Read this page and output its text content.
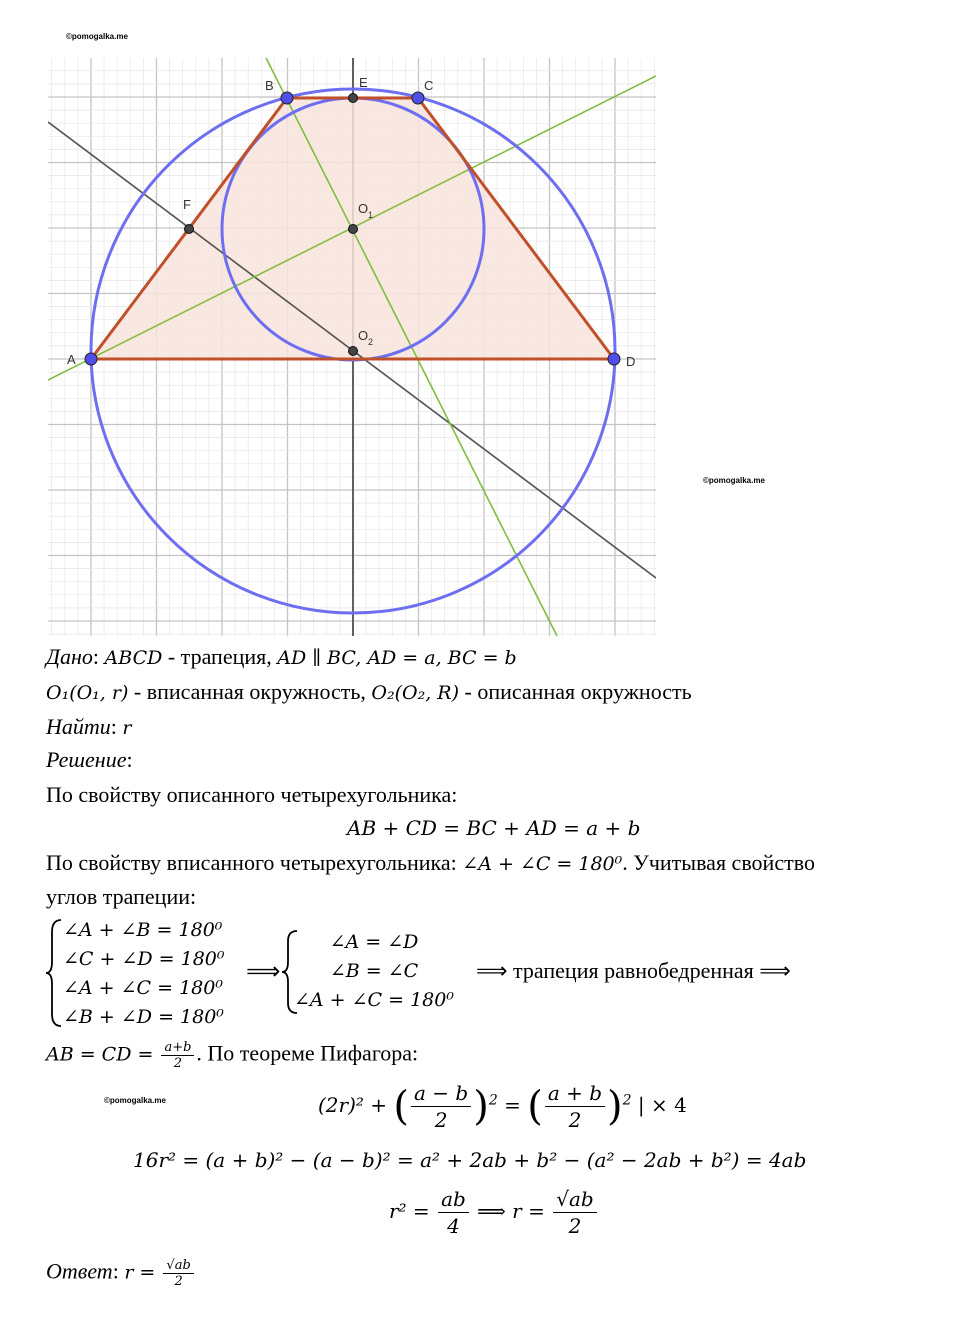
©pomogalka.me
©pomogalka.me
©pomogalka.me
A
B	C
D
E
F	O 1
O 2
Дано: ABCD - трапеция, AD ∥ BC, AD = a, BC = b
O₁(O₁, r) - вписанная окружность, O₂(O₂, R) - описанная окружность
Найти: r
Решение:
По свойству описанного четырехугольника:
AB + CD = BC + AD = a + b
По свойству вписанного четырехугольника: ∠A + ∠C = 180⁰. Учитывая свойство
углов трапеции:
∠A + ∠B = 180⁰
∠C + ∠D = 180⁰
∠A + ∠C = 180⁰
∠B + ∠D = 180⁰
⟹
∠A = ∠D
∠B = ∠C
∠A + ∠C = 180⁰
⟹ трапеция равнобедренная ⟹
AB = CD = $\frac{a+b}{2}$ . По теореме Пифагора:
(2r)² + ( $\frac{a - b}{2} )^2$ = ( $\frac{a + b}{2} )^2$ | × 4
16r² = (a + b)² − (a − b)² = a² + 2ab + b² − (a² − 2ab + b²) = 4ab
$r^2 = \frac{ab}{4}$ ⟹ $r = \frac{√ab}{2}$
Ответ: $r = \frac{√ab}{2}$
